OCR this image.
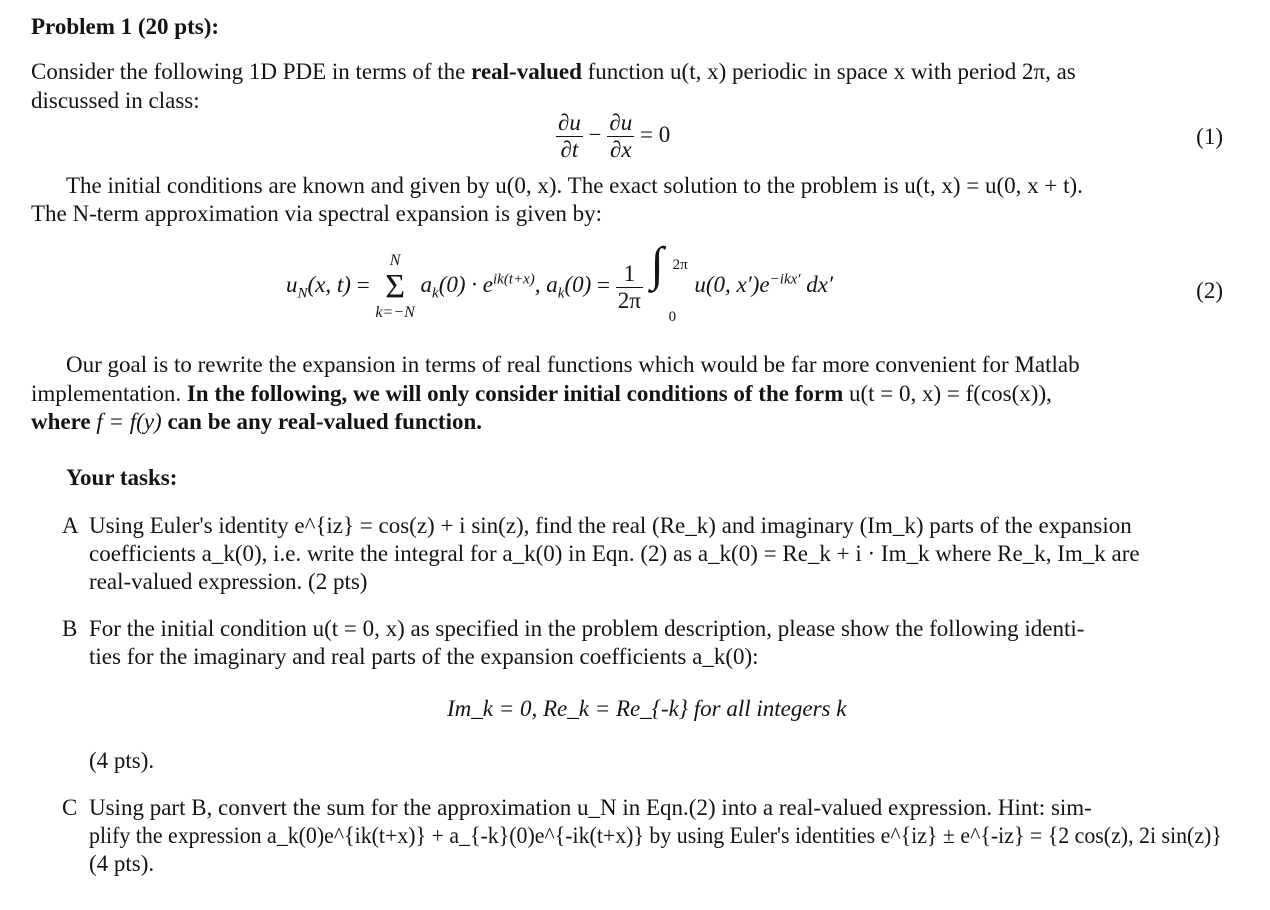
Problem 1 (20 pts):
Consider the following 1D PDE in terms of the real-valued function u(t, x) periodic in space x with period 2π, as
discussed in class:
$\frac{\partial u}{\partial t} - \frac{\partial u}{\partial x} = 0$	(1)
The initial conditions are known and given by u(0, x). The exact solution to the problem is u(t, x) = u(0, x + t).
The N-term approximation via spectral expansion is given by:
$u_N(x$, t) =
N
Σ
k=−N
$a_k(0) \cdot e^{ik(t+x)}$, $a_k(0) = \frac{1}{2\pi}$
∫ 2π
0
u(0, $x')e^{-ikx'}$ dx′	(2)
Our goal is to rewrite the expansion in terms of real functions which would be far more convenient for Matlab
implementation. In the following, we will only consider initial conditions of the form u(t = 0, x) = f(cos(x)),
where f = f(y) can be any real-valued function.
Your tasks:
A Using Euler's identity e^{iz} = cos(z) + i sin(z), find the real (Re_k) and imaginary (Im_k) parts of the expansion
coefficients a_k(0), i.e. write the integral for a_k(0) in Eqn. (2) as a_k(0) = Re_k + i · Im_k where Re_k, Im_k are
real-valued expression. (2 pts)
B For the initial condition u(t = 0, x) as specified in the problem description, please show the following identi-
ties for the imaginary and real parts of the expansion coefficients a_k(0):
Im_k = 0, Re_k = Re_{-k} for all integers k
(4 pts).
C Using part B, convert the sum for the approximation u_N in Eqn.(2) into a real-valued expression. Hint: sim-
plify the expression a_k(0)e^{ik(t+x)} + a_{-k}(0)e^{-ik(t+x)} by using Euler's identities e^{iz} ± e^{-iz} = {2 cos(z), 2i sin(z)}
(4 pts).
